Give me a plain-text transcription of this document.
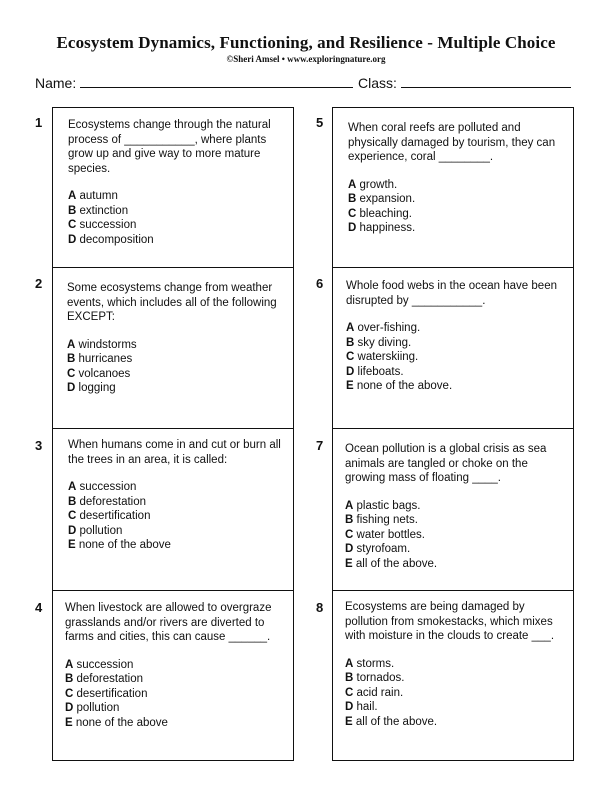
Ecosystem Dynamics, Functioning, and Resilience - Multiple Choice
©Sheri Amsel • www.exploringnature.org
Name:	Class:
1
2
3
4
5
6
7
8
Ecosystems change through the natural process of ___________, where plants grow up and give way to more mature species.
A autumn
B extinction
C succession
D decomposition
Some ecosystems change from weather events, which includes all of the following EXCEPT:
A windstorms
B hurricanes
C volcanoes
D logging
When humans come in and cut or burn all the trees in an area, it is called:
A succession
B deforestation
C desertification
D pollution
E none of the above
When livestock are allowed to overgraze grasslands and/or rivers are diverted to farms and cities, this can cause ______.
A succession
B deforestation
C desertification
D pollution
E none of the above
When coral reefs are polluted and physically damaged by tourism, they can experience, coral ________.
A growth.
B expansion.
C bleaching.
D happiness.
Whole food webs in the ocean have been disrupted by ___________.
A over-fishing.
B sky diving.
C waterskiing.
D lifeboats.
E none of the above.
Ocean pollution is a global crisis as sea animals are tangled or choke on the growing mass of floating ____.
A plastic bags.
B fishing nets.
C water bottles.
D styrofoam.
E all of the above.
Ecosystems are being damaged by pollution from smokestacks, which mixes with moisture in the clouds to create ___.
A storms.
B tornados.
C acid rain.
D hail.
E all of the above.
